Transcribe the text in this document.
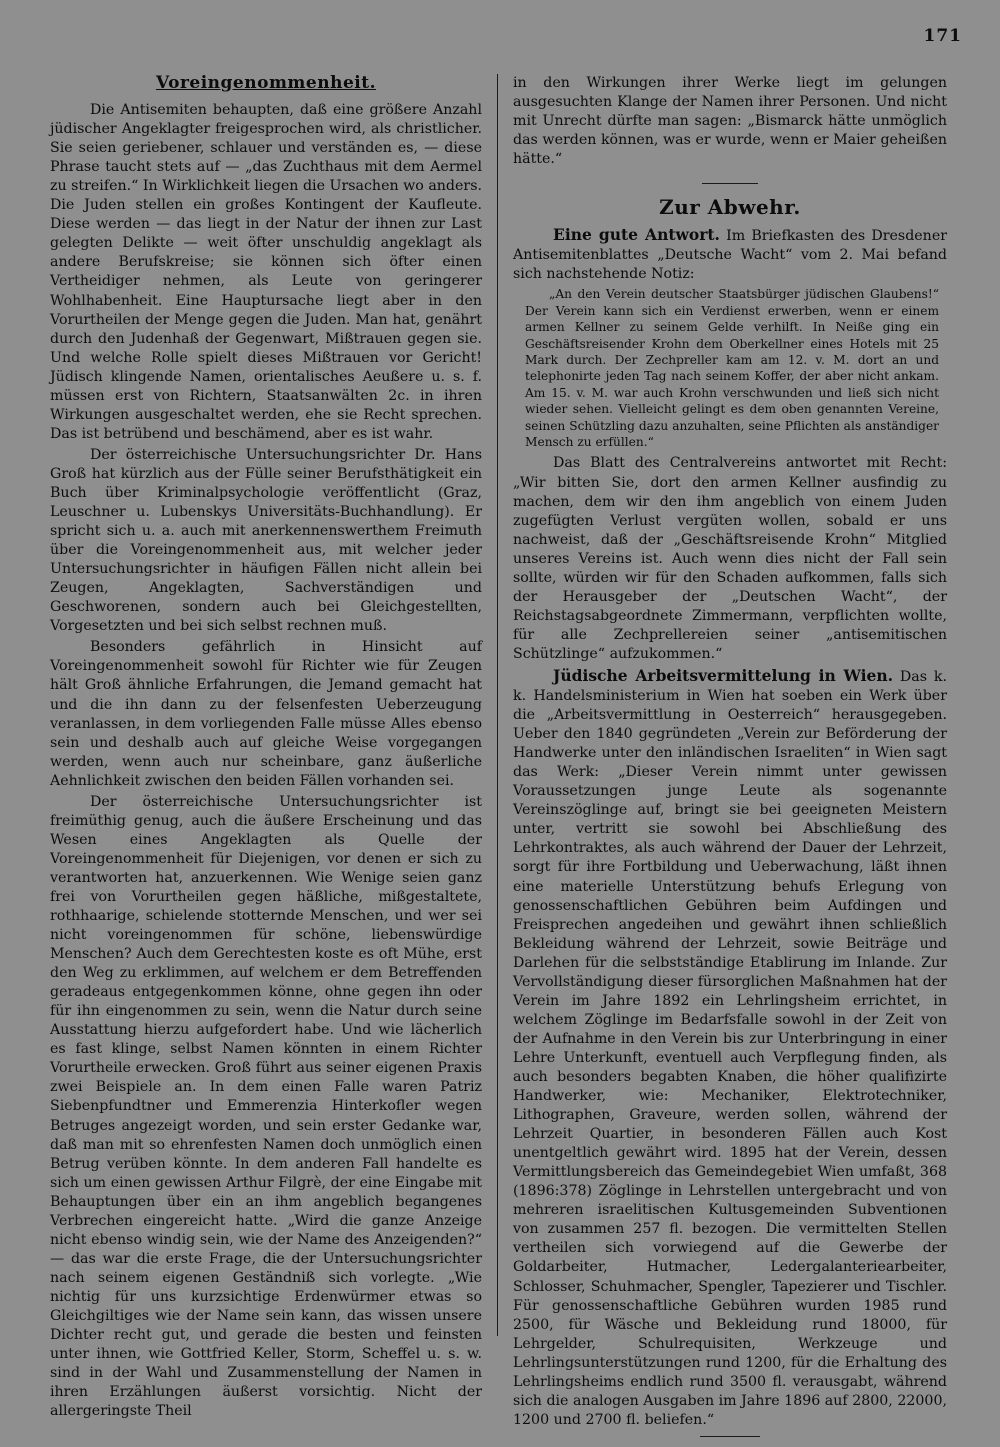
171
Voreingenommenheit.

Die Antisemiten behaupten, daß eine größere Anzahl jüdischer Angeklagter freigesprochen wird, als christlicher. Sie seien geriebener, schlauer und verständen es, — diese Phrase taucht stets auf — „das Zuchthaus mit dem Aermel zu streifen.“ In Wirklichkeit liegen die Ursachen wo anders. Die Juden stellen ein großes Kontingent der Kaufleute. Diese werden — das liegt in der Natur der ihnen zur Last gelegten Delikte — weit öfter unschuldig angeklagt als andere Berufskreise; sie können sich öfter einen Vertheidiger nehmen, als Leute von geringerer Wohlhabenheit. Eine Hauptursache liegt aber in den Vorurtheilen der Menge gegen die Juden. Man hat, genährt durch den Judenhaß der Gegenwart, Mißtrauen gegen sie. Und welche Rolle spielt dieses Mißtrauen vor Gericht! Jüdisch klingende Namen, orientalisches Aeußere u. s. f. müssen erst von Richtern, Staatsanwälten 2c. in ihren Wirkungen ausgeschaltet werden, ehe sie Recht sprechen. Das ist betrübend und beschämend, aber es ist wahr.

Der österreichische Untersuchungsrichter Dr. Hans Groß hat kürzlich aus der Fülle seiner Berufsthätigkeit ein Buch über Kriminalpsychologie veröffentlicht (Graz, Leuschner u. Lubenskys Universitäts-Buchhandlung). Er spricht sich u. a. auch mit anerkennenswerthem Freimuth über die Voreingenommenheit aus, mit welcher jeder Untersuchungsrichter in häufigen Fällen nicht allein bei Zeugen, Angeklagten, Sachverständigen und Geschworenen, sondern auch bei Gleichgestellten, Vorgesetzten und bei sich selbst rechnen muß.

Besonders gefährlich in Hinsicht auf Voreingenommenheit sowohl für Richter wie für Zeugen hält Groß ähnliche Erfahrungen, die Jemand gemacht hat und die ihn dann zu der felsenfesten Ueberzeugung veranlassen, in dem vorliegenden Falle müsse Alles ebenso sein und deshalb auch auf gleiche Weise vorgegangen werden, wenn auch nur scheinbare, ganz äußerliche Aehnlichkeit zwischen den beiden Fällen vorhanden sei.

Der österreichische Untersuchungsrichter ist freimüthig genug, auch die äußere Erscheinung und das Wesen eines Angeklagten als Quelle der Voreingenommenheit für Diejenigen, vor denen er sich zu verantworten hat, anzuerkennen. Wie Wenige seien ganz frei von Vorurtheilen gegen häßliche, mißgestaltete, rothhaarige, schielende stotternde Menschen, und wer sei nicht voreingenommen für schöne, liebenswürdige Menschen? Auch dem Gerechtesten koste es oft Mühe, erst den Weg zu erklimmen, auf welchem er dem Betreffenden geradeaus entgegenkommen könne, ohne gegen ihn oder für ihn eingenommen zu sein, wenn die Natur durch seine Ausstattung hierzu aufgefordert habe. Und wie lächerlich es fast klinge, selbst Namen könnten in einem Richter Vorurtheile erwecken. Groß führt aus seiner eigenen Praxis zwei Beispiele an. In dem einen Falle waren Patriz Siebenpfundtner und Emmerenzia Hinterkofler wegen Betruges angezeigt worden, und sein erster Gedanke war, daß man mit so ehrenfesten Namen doch unmöglich einen Betrug verüben könnte. In dem anderen Fall handelte es sich um einen gewissen Arthur Filgrè, der eine Eingabe mit Behauptungen über ein an ihm angeblich begangenes Verbrechen eingereicht hatte. „Wird die ganze Anzeige nicht ebenso windig sein, wie der Name des Anzeigenden?“ — das war die erste Frage, die der Untersuchungsrichter nach seinem eigenen Geständniß sich vorlegte. „Wie nichtig für uns kurzsichtige Erdenwürmer etwas so Gleichgiltiges wie der Name sein kann, das wissen unsere Dichter recht gut, und gerade die besten und feinsten unter ihnen, wie Gottfried Keller, Storm, Scheffel u. s. w. sind in der Wahl und Zusammenstellung der Namen in ihren Erzählungen äußerst vorsichtig. Nicht der allergeringste Theil

in den Wirkungen ihrer Werke liegt im gelungen ausgesuchten Klange der Namen ihrer Personen. Und nicht mit Unrecht dürfte man sagen: „Bismarck hätte unmöglich das werden können, was er wurde, wenn er Maier geheißen hätte.“

Zur Abwehr.

Eine gute Antwort. Im Briefkasten des Dresdener Antisemitenblattes „Deutsche Wacht“ vom 2. Mai befand sich nachstehende Notiz:

„An den Verein deutscher Staatsbürger jüdischen Glaubens!“ Der Verein kann sich ein Verdienst erwerben, wenn er einem armen Kellner zu seinem Gelde verhilft. In Neiße ging ein Geschäftsreisender Krohn dem Oberkellner eines Hotels mit 25 Mark durch. Der Zechpreller kam am 12. v. M. dort an und telephonirte jeden Tag nach seinem Koffer, der aber nicht ankam. Am 15. v. M. war auch Krohn verschwunden und ließ sich nicht wieder sehen. Vielleicht gelingt es dem oben genannten Vereine, seinen Schützling dazu anzuhalten, seine Pflichten als anständiger Mensch zu erfüllen.“

Das Blatt des Centralvereins antwortet mit Recht: „Wir bitten Sie, dort den armen Kellner ausfindig zu machen, dem wir den ihm angeblich von einem Juden zugefügten Verlust vergüten wollen, sobald er uns nachweist, daß der „Geschäftsreisende Krohn“ Mitglied unseres Vereins ist. Auch wenn dies nicht der Fall sein sollte, würden wir für den Schaden aufkommen, falls sich der Herausgeber der „Deutschen Wacht“, der Reichstagsabgeordnete Zimmermann, verpflichten wollte, für alle Zechprellereien seiner „antisemitischen Schützlinge“ aufzukommen.“

Jüdische Arbeitsvermittelung in Wien. Das k. k. Handelsministerium in Wien hat soeben ein Werk über die „Arbeitsvermittlung in Oesterreich“ herausgegeben. Ueber den 1840 gegründeten „Verein zur Beförderung der Handwerke unter den inländischen Israeliten“ in Wien sagt das Werk: „Dieser Verein nimmt unter gewissen Voraussetzungen junge Leute als sogenannte Vereinszöglinge auf, bringt sie bei geeigneten Meistern unter, vertritt sie sowohl bei Abschließung des Lehrkontraktes, als auch während der Dauer der Lehrzeit, sorgt für ihre Fortbildung und Ueberwachung, läßt ihnen eine materielle Unterstützung behufs Erlegung von genossenschaftlichen Gebühren beim Aufdingen und Freisprechen angedeihen und gewährt ihnen schließlich Bekleidung während der Lehrzeit, sowie Beiträge und Darlehen für die selbstständige Etablirung im Inlande. Zur Vervollständigung dieser fürsorglichen Maßnahmen hat der Verein im Jahre 1892 ein Lehrlingsheim errichtet, in welchem Zöglinge im Bedarfsfalle sowohl in der Zeit von der Aufnahme in den Verein bis zur Unterbringung in einer Lehre Unterkunft, eventuell auch Verpflegung finden, als auch besonders begabten Knaben, die höher qualifizirte Handwerker, wie: Mechaniker, Elektrotechniker, Lithographen, Graveure, werden sollen, während der Lehrzeit Quartier, in besonderen Fällen auch Kost unentgeltlich gewährt wird. 1895 hat der Verein, dessen Vermittlungsbereich das Gemeindegebiet Wien umfaßt, 368 (1896:378) Zöglinge in Lehrstellen untergebracht und von mehreren israelitischen Kultusgemeinden Subventionen von zusammen 257 fl. bezogen. Die vermittelten Stellen vertheilen sich vorwiegend auf die Gewerbe der Goldarbeiter, Hutmacher, Ledergalanteriearbeiter, Schlosser, Schuhmacher, Spengler, Tapezierer und Tischler. Für genossenschaftliche Gebühren wurden 1985 rund 2500, für Wäsche und Bekleidung rund 18000, für Lehrgelder, Schulrequisiten, Werkzeuge und Lehrlingsunterstützungen rund 1200, für die Erhaltung des Lehrlingsheims endlich rund 3500 fl. verausgabt, während sich die analogen Ausgaben im Jahre 1896 auf 2800, 22000, 1200 und 2700 fl. beliefen.“
